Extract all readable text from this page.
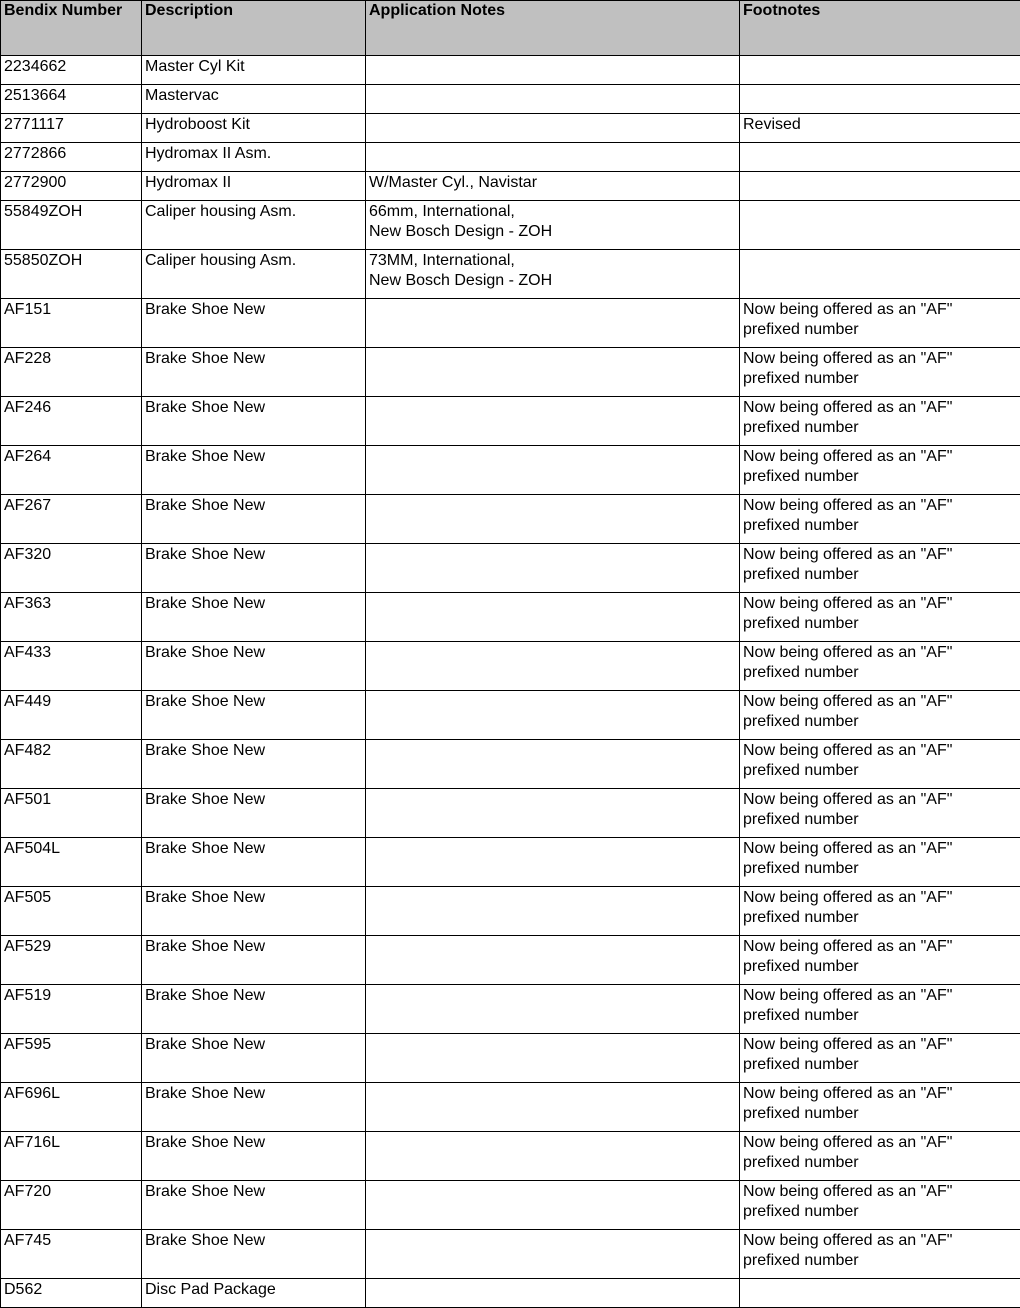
Bendix Number	Description	Application Notes	Footnotes
2234662	Master Cyl Kit		
2513664	Mastervac		
2771117	Hydroboost Kit		Revised

2772866	Hydromax II Asm.		
2772900	Hydromax II	W/Master Cyl., Navistar	

55849ZOH	Caliper housing Asm.	66mm, International,
New Bosch Design - ZOH	

55850ZOH	Caliper housing Asm.	73MM, International,
New Bosch Design - ZOH	

AF151	Brake Shoe New		Now being offered as an "AF"
prefixed number

AF228	Brake Shoe New		Now being offered as an "AF"
prefixed number

AF246	Brake Shoe New		Now being offered as an "AF"
prefixed number

AF264	Brake Shoe New		Now being offered as an "AF"
prefixed number

AF267	Brake Shoe New		Now being offered as an "AF"
prefixed number

AF320	Brake Shoe New		Now being offered as an "AF"
prefixed number

AF363	Brake Shoe New		Now being offered as an "AF"
prefixed number

AF433	Brake Shoe New		Now being offered as an "AF"
prefixed number

AF449	Brake Shoe New		Now being offered as an "AF"
prefixed number

AF482	Brake Shoe New		Now being offered as an "AF"
prefixed number

AF501	Brake Shoe New		Now being offered as an "AF"
prefixed number

AF504L	Brake Shoe New		Now being offered as an "AF"
prefixed number

AF505	Brake Shoe New		Now being offered as an "AF"
prefixed number

AF529	Brake Shoe New		Now being offered as an "AF"
prefixed number

AF519	Brake Shoe New		Now being offered as an "AF"
prefixed number

AF595	Brake Shoe New		Now being offered as an "AF"
prefixed number

AF696L	Brake Shoe New		Now being offered as an "AF"
prefixed number

AF716L	Brake Shoe New		Now being offered as an "AF"
prefixed number

AF720	Brake Shoe New		Now being offered as an "AF"
prefixed number

AF745	Brake Shoe New		Now being offered as an "AF"
prefixed number

D562	Disc Pad Package		
